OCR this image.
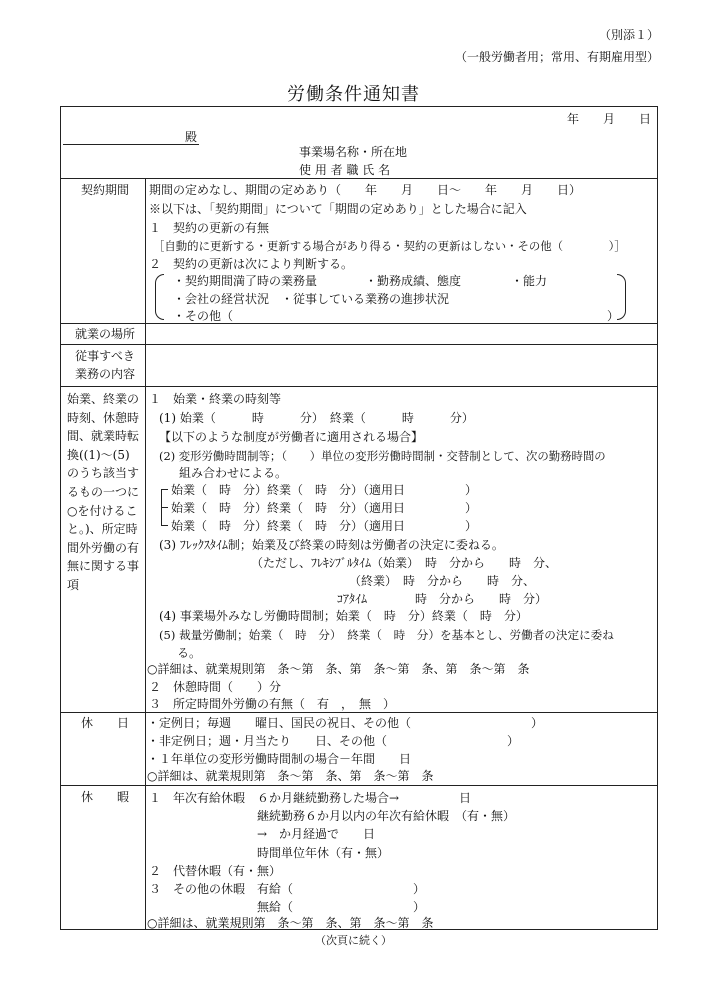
（別添１）
（一般労働者用；常用、有期雇用型）
労働条件通知書
年　　月　　日
殿
事業場名称・所在地
使 用 者 職 氏 名
契約期間	期間の定めなし、期間の定めあり（　　年　　月　　日～　　年　　月　　日）
※以下は、「契約期間」について「期間の定めあり」とした場合に記入
１　契約の更新の有無
［自動的に更新する・更新する場合があり得る・契約の更新はしない・その他（　　　　）］
２　契約の更新は次により判断する。
・契約期間満了時の業務量	・勤務成績、態度	・能力
・会社の経営状況　・従事している業務の進捗状況
・その他（	）
就業の場所
従事すべき
業務の内容
始業、終業の
時刻、休憩時
間、就業時転
換((1)～(5)
のうち該当す
るもの一つに
○を付けるこ
と。)、所定時
間外労働の有
無に関する事
項
１　始業・終業の時刻等
(1) 始業（　　　時　　　分）　終業（　　　時　　　分）
【以下のような制度が労働者に適用される場合】
(2) 変形労働時間制等；（　　）単位の変形労働時間制・交替制として、次の勤務時間の
組み合わせによる。
始業（　時　分）終業（　時　分）（適用日　　　　　）
始業（　時　分）終業（　時　分）（適用日　　　　　）
始業（　時　分）終業（　時　分）（適用日　　　　　）
(3) ﾌﾚｯｸｽﾀｲﾑ制；始業及び終業の時刻は労働者の決定に委ねる。
（ただし、ﾌﾚｷｼﾌﾞﾙﾀｲﾑ（始業）　時　分から　　時　分、
（終業）　時　分から　　時　分、
ｺｱﾀｲﾑ　　　　時　分から　　時　分）
(4) 事業場外みなし労働時間制；始業（　時　分）終業（　時　分）
(5) 裁量労働制；始業（　時　分）　終業（　時　分）を基本とし、労働者の決定に委ね
る。
○詳細は、就業規則第　条～第　条、第　条～第　条、第　条～第　条
２　休憩時間（　　）分
３　所定時間外労働の有無（　有　，　無　）
休　　日	・定例日；毎週　　曜日、国民の祝日、その他（　　　　　　　　　　）
・非定例日；週・月当たり　　日、その他（　　　　　　　　　　）
・１年単位の変形労働時間制の場合－年間　　日
○詳細は、就業規則第　条～第　条、第　条～第　条
休　　暇	１　年次有給休暇　６か月継続勤務した場合→　　　　　日
継続勤務６か月以内の年次有給休暇　（有・無）
→　か月経過で　　日
時間単位年休（有・無）
２　代替休暇（有・無）
３　その他の休暇　有給（　　　　　　　　　　）
無給（　　　　　　　　　　）
○詳細は、就業規則第　条～第　条、第　条～第　条
（次頁に続く）
